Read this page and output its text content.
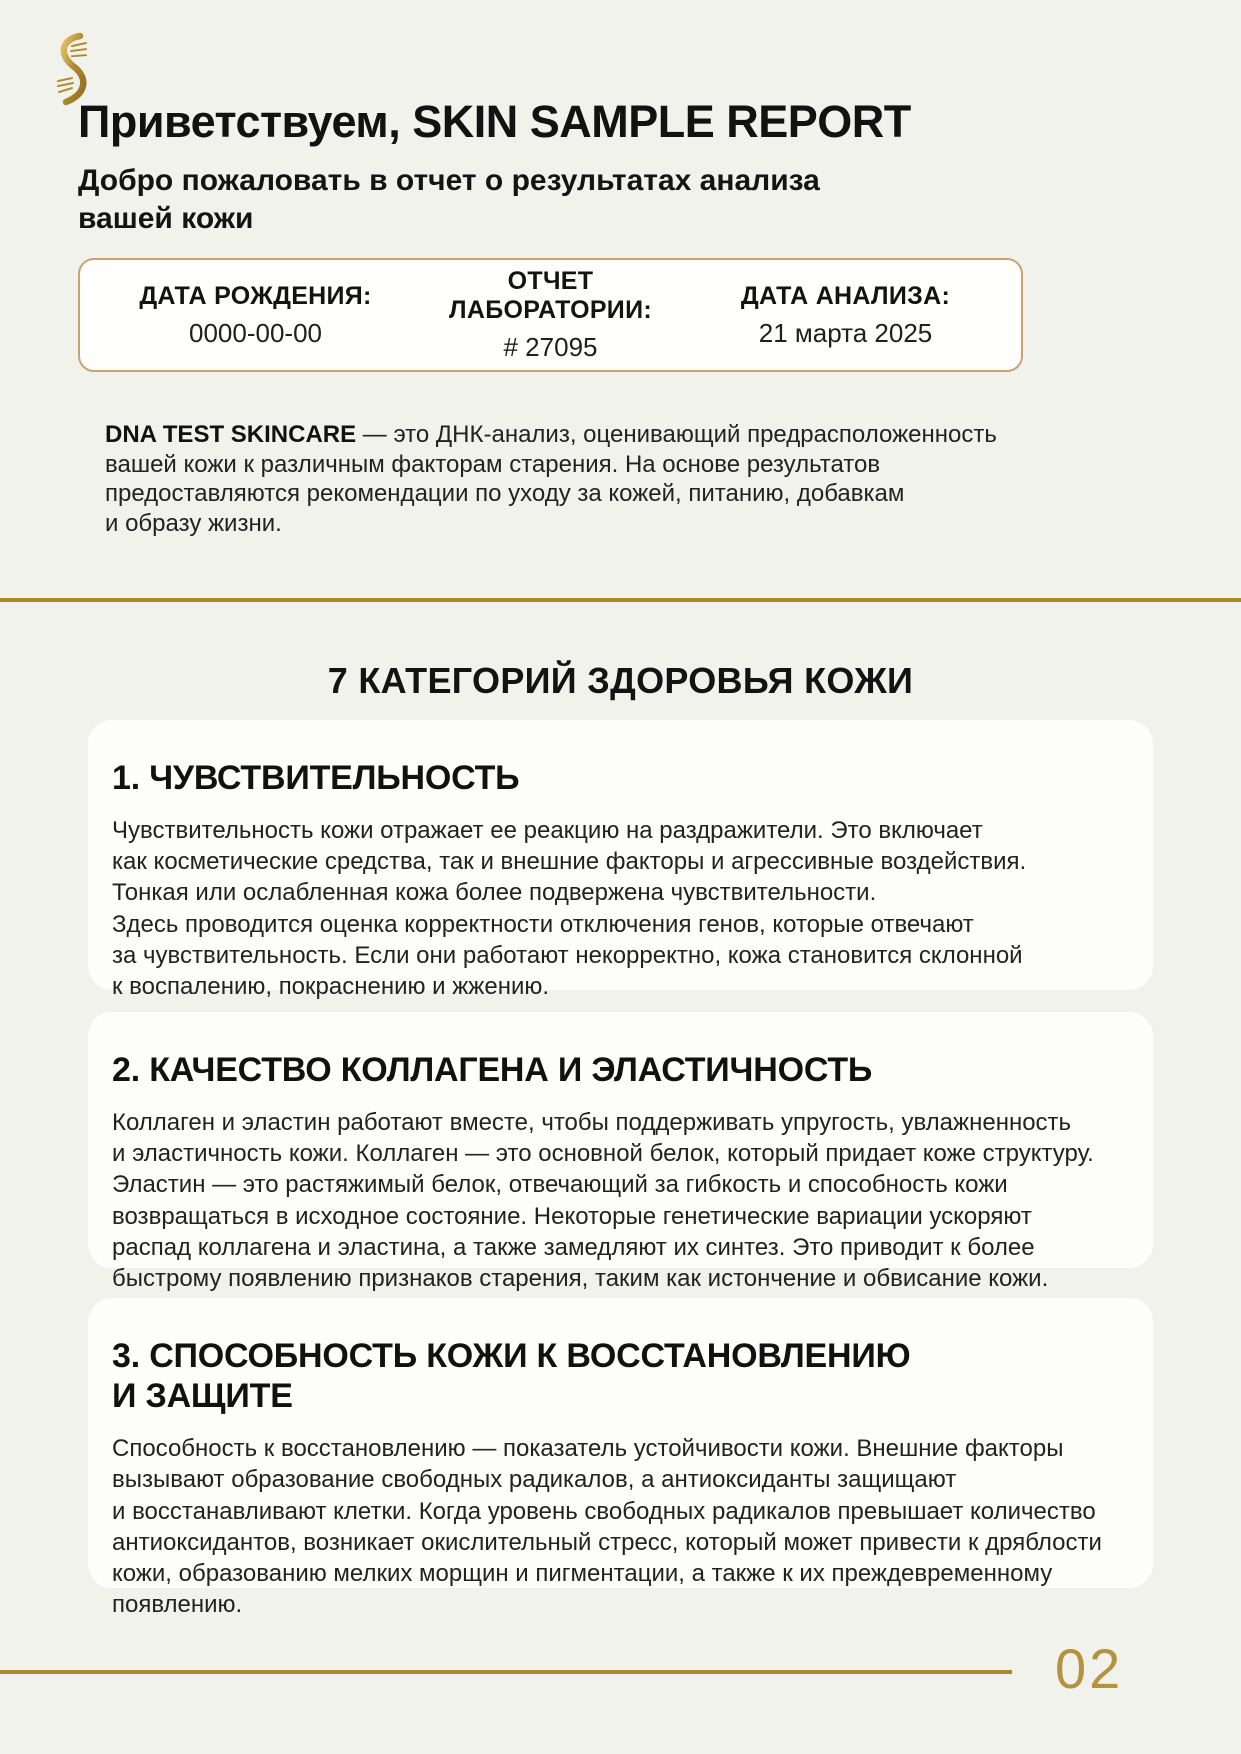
Приветствуем, SKIN SAMPLE REPORT
Добро пожаловать в отчет о результатах анализа
вашей кожи
ДАТА РОЖДЕНИЯ:
0000-00-00
ОТЧЕТ ЛАБОРАТОРИИ:
# 27095
ДАТА АНАЛИЗА:
21 марта 2025

DNA TEST SKINCARE — это ДНК-анализ, оценивающий предрасположенность
вашей кожи к различным факторам старения. На основе результатов
предоставляются рекомендации по уходу за кожей, питанию, добавкам
и образу жизни.

7 КАТЕГОРИЙ ЗДОРОВЬЯ КОЖИ
1. ЧУВСТВИТЕЛЬНОСТЬ
Чувствительность кожи отражает ее реакцию на раздражители. Это включает
как косметические средства, так и внешние факторы и агрессивные воздействия.
Тонкая или ослабленная кожа более подвержена чувствительности.
Здесь проводится оценка корректности отключения генов, которые отвечают
за чувствительность. Если они работают некорректно, кожа становится склонной
к воспалению, покраснению и жжению.
2. КАЧЕСТВО КОЛЛАГЕНА И ЭЛАСТИЧНОСТЬ
Коллаген и эластин работают вместе, чтобы поддерживать упругость, увлажненность
и эластичность кожи. Коллаген — это основной белок, который придает коже структуру.
Эластин — это растяжимый белок, отвечающий за гибкость и способность кожи
возвращаться в исходное состояние. Некоторые генетические вариации ускоряют
распад коллагена и эластина, а также замедляют их синтез. Это приводит к более
быстрому появлению признаков старения, таким как истончение и обвисание кожи.
3. СПОСОБНОСТЬ КОЖИ К ВОССТАНОВЛЕНИЮ
И ЗАЩИТЕ
Способность к восстановлению — показатель устойчивости кожи. Внешние факторы
вызывают образование свободных радикалов, а антиоксиданты защищают
и восстанавливают клетки. Когда уровень свободных радикалов превышает количество
антиоксидантов, возникает окислительный стресс, который может привести к дряблости
кожи, образованию мелких морщин и пигментации, а также к их преждевременному
появлению.
02
